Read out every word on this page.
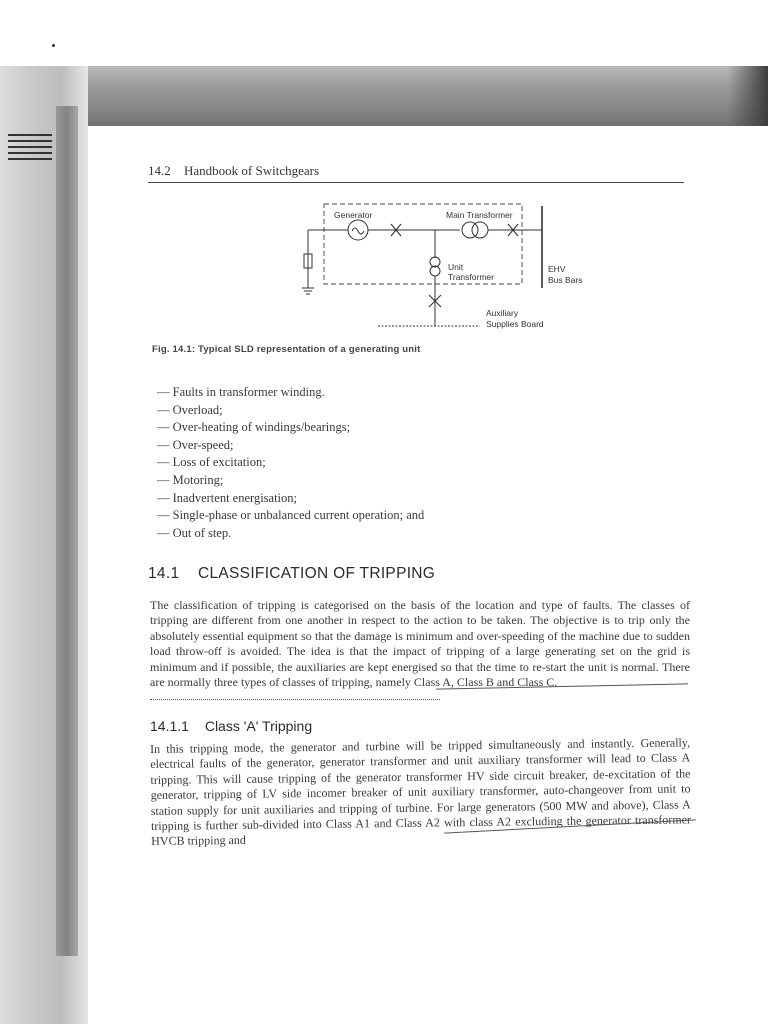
14.2 Handbook of Switchgears
Generator	Main Transformer
Unit
Transformer
EHV
Bus Bars
Auxiliary
Supplies Board
Fig. 14.1: Typical SLD representation of a generating unit
— Faults in transformer winding.
— Overload;
— Over-heating of windings/bearings;
— Over-speed;
— Loss of excitation;
— Motoring;
— Inadvertent energisation;
— Single-phase or unbalanced current operation; and
— Out of step.
14.1 CLASSIFICATION OF TRIPPING

The classification of tripping is categorised on the basis of the location and type of faults. The classes of tripping are different from one another in respect to the action to be taken. The objective is to trip only the absolutely essential equipment so that the damage is minimum and over-speeding of the machine due to sudden load throw-off is avoided. The idea is that the impact of tripping of a large generating set on the grid is minimum and if possible, the auxiliaries are kept energised so that the time to re-start the unit is normal. There are normally three types of classes of tripping, namely Class A, Class B and Class C.

14.1.1 Class 'A' Tripping

In this tripping mode, the generator and turbine will be tripped simultaneously and instantly. Generally, electrical faults of the generator, generator transformer and unit auxiliary transformer will lead to Class A tripping. This will cause tripping of the generator transformer HV side circuit breaker, de-excitation of the generator, tripping of LV side incomer breaker of unit auxiliary transformer, auto-changeover from unit to station supply for unit auxiliaries and tripping of turbine. For large generators (500 MW and above), Class A tripping is further sub-divided into Class A1 and Class A2 with class A2 excluding the generator transformer HVCB tripping and
